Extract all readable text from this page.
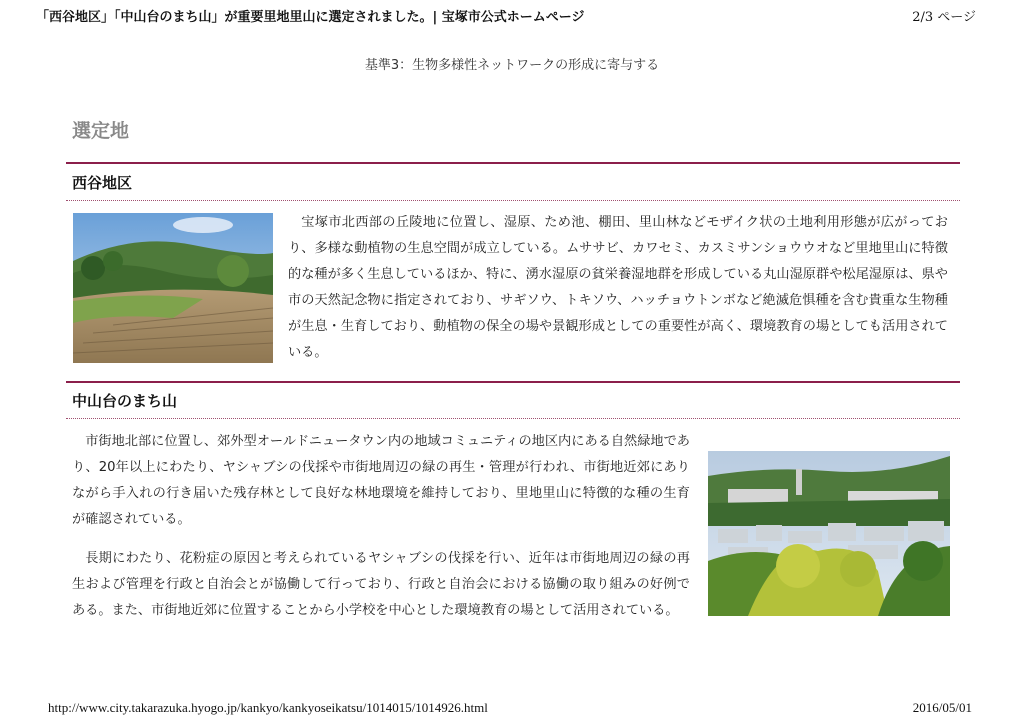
「西谷地区」「中山台のまち山」が重要里地里山に選定されました。| 宝塚市公式ホームページ	2/3 ページ
基準3：生物多様性ネットワークの形成に寄与する
選定地
西谷地区
宝塚市北西部の丘陵地に位置し、湿原、ため池、棚田、里山林などモザイク状の土地利用形態が広がっており、多様な動植物の生息空間が成立している。ムササビ、カワセミ、カスミサンショウウオなど里地里山に特徴的な種が多く生息しているほか、特に、湧水湿原の貧栄養湿地群を形成している丸山湿原群や松尾湿原は、県や市の天然記念物に指定されており、サギソウ、トキソウ、ハッチョウトンボなど絶滅危惧種を含む貴重な生物種が生息・生育しており、動植物の保全の場や景観形成としての重要性が高く、環境教育の場としても活用されている。
中山台のまち山
市街地北部に位置し、郊外型オールドニュータウン内の地域コミュニティの地区内にある自然緑地であり、20年以上にわたり、ヤシャブシの伐採や市街地周辺の緑の再生・管理が行われ、市街地近郊にありながら手入れの行き届いた残存林として良好な林地環境を維持しており、里地里山に特徴的な種の生育が確認されている。
長期にわたり、花粉症の原因と考えられているヤシャブシの伐採を行い、近年は市街地周辺の緑の再生および管理を行政と自治会とが協働して行っており、行政と自治会における協働の取り組みの好例である。また、市街地近郊に位置することから小学校を中心とした環境教育の場として活用されている。
http://www.city.takarazuka.hyogo.jp/kankyo/kankyoseikatsu/1014015/1014926.html	2016/05/01
